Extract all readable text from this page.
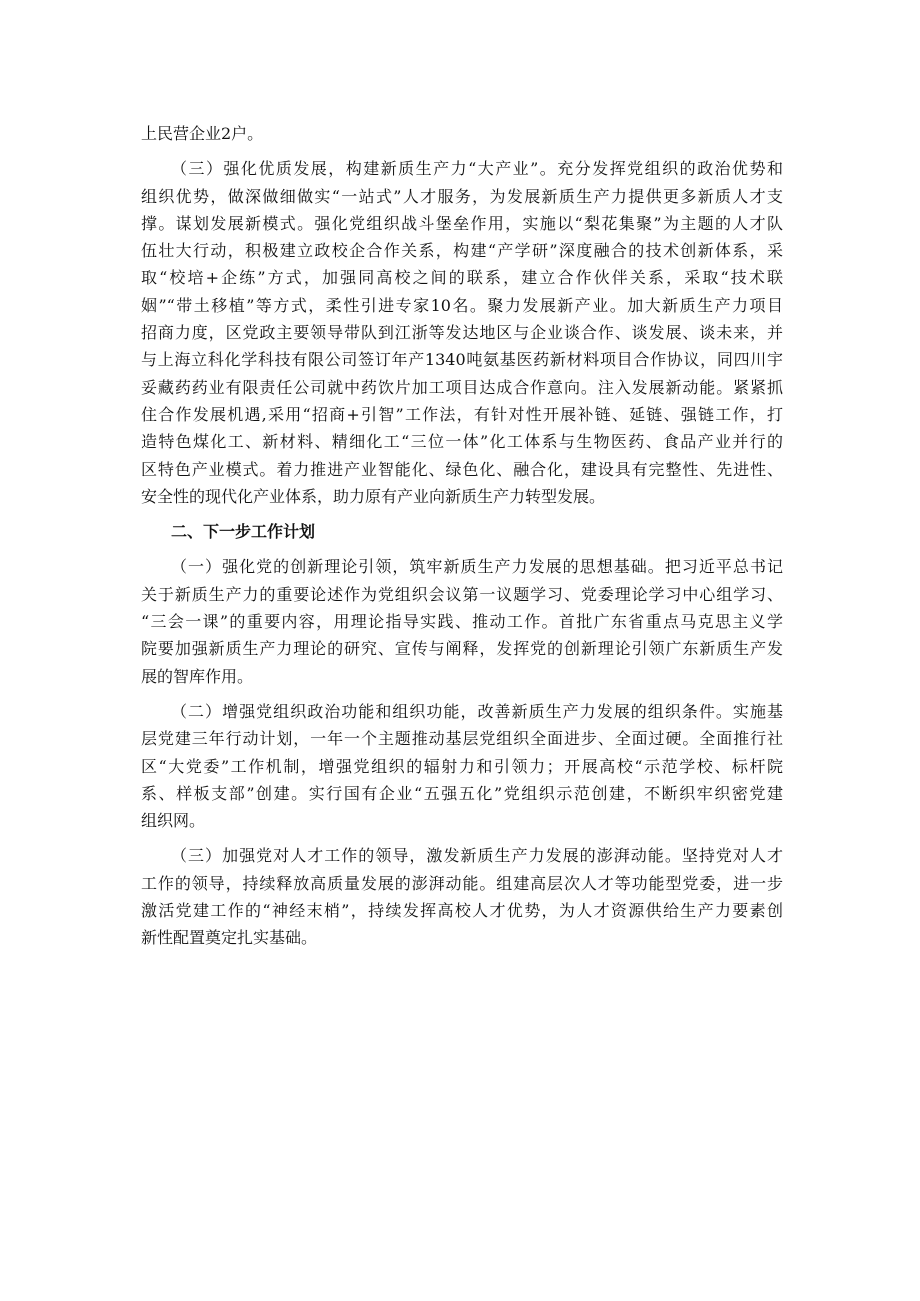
上民营企业2户。
（三）强化优质发展，构建新质生产力“大产业”。充分发挥党组织的政治优势和
组织优势，做深做细做实“一站式”人才服务，为发展新质生产力提供更多新质人才支
撑。谋划发展新模式。强化党组织战斗堡垒作用，实施以“梨花集聚”为主题的人才队
伍壮大行动，积极建立政校企合作关系，构建“产学研”深度融合的技术创新体系，采
取“校培+企练”方式，加强同高校之间的联系，建立合作伙伴关系，采取“技术联
姻”“带土移植”等方式，柔性引进专家10名。聚力发展新产业。加大新质生产力项目
招商力度，区党政主要领导带队到江浙等发达地区与企业谈合作、谈发展、谈未来，并
与上海立科化学科技有限公司签订年产1340吨氨基医药新材料项目合作协议，同四川宇
妥藏药药业有限责任公司就中药饮片加工项目达成合作意向。注入发展新动能。紧紧抓
住合作发展机遇,采用“招商+引智”工作法，有针对性开展补链、延链、强链工作，打
造特色煤化工、新材料、精细化工“三位一体”化工体系与生物医药、食品产业并行的
区特色产业模式。着力推进产业智能化、绿色化、融合化，建设具有完整性、先进性、
安全性的现代化产业体系，助力原有产业向新质生产力转型发展。
二、下一步工作计划
（一）强化党的创新理论引领，筑牢新质生产力发展的思想基础。把习近平总书记
关于新质生产力的重要论述作为党组织会议第一议题学习、党委理论学习中心组学习、
“三会一课”的重要内容，用理论指导实践、推动工作。首批广东省重点马克思主义学
院要加强新质生产力理论的研究、宣传与阐释，发挥党的创新理论引领广东新质生产发
展的智库作用。
（二）增强党组织政治功能和组织功能，改善新质生产力发展的组织条件。实施基
层党建三年行动计划，一年一个主题推动基层党组织全面进步、全面过硬。全面推行社
区“大党委”工作机制，增强党组织的辐射力和引领力；开展高校“示范学校、标杆院
系、样板支部”创建。实行国有企业“五强五化”党组织示范创建，不断织牢织密党建
组织网。
（三）加强党对人才工作的领导，激发新质生产力发展的澎湃动能。坚持党对人才
工作的领导，持续释放高质量发展的澎湃动能。组建高层次人才等功能型党委，进一步
激活党建工作的“神经末梢”，持续发挥高校人才优势，为人才资源供给生产力要素创
新性配置奠定扎实基础。
